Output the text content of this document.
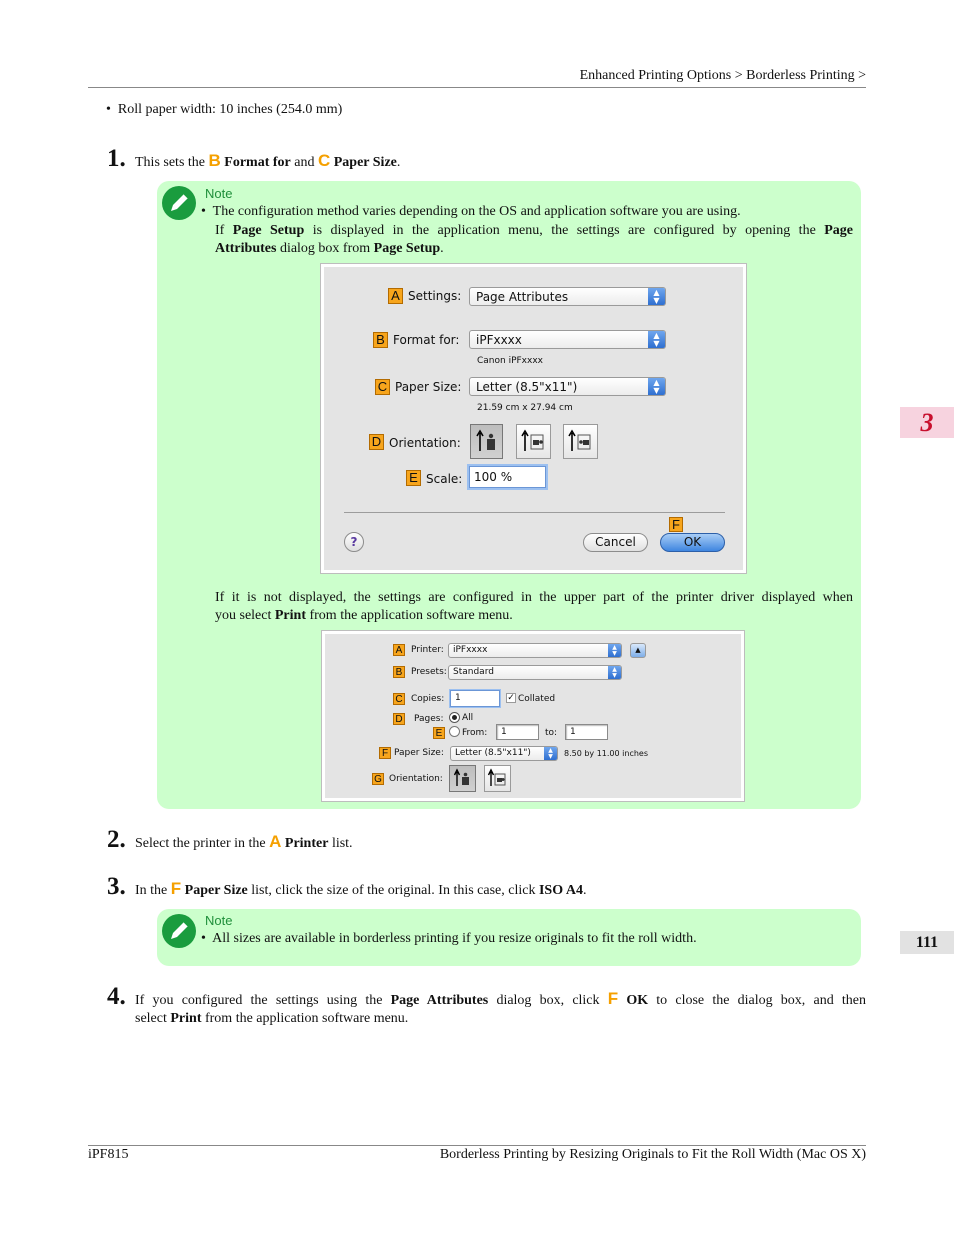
Enhanced Printing Options > Borderless Printing >
•  Roll paper width: 10 inches (254.0 mm)
1. This sets the B Format for and C Paper Size.
Note
•  The configuration method varies depending on the OS and application software you are using.
If Page Setup is displayed in the application menu, the settings are configured by opening the Page
Attributes dialog box from Page Setup.
A Settings:	Page Attributes	▲
▼
B Format for:	iPFxxxx	▲
▼
Canon iPFxxxx
C Paper Size:	Letter (8.5"x11")	▲
▼
21.59 cm x 27.94 cm
D Orientation:
E Scale: 100 %
?	Cancel
F
OK
If it is not displayed, the settings are configured in the upper part of the printer driver displayed when
you select Print from the application software menu.
A Printer:	iPFxxxx	▲
▼	▲
B Presets: Standard	▲
▼
C Copies:	1	✓ Collated
D Pages: All
E From:	1	to:	1
F Paper Size:	Letter (8.5"x11")	▲
▼	8.50 by 11.00 inches
G Orientation:
2. Select the printer in the A Printer list.
3. In the F Paper Size list, click the size of the original. In this case, click ISO A4.
Note
•  All sizes are available in borderless printing if you resize originals to fit the roll width.
4. If you configured the settings using the Page Attributes dialog box, click F OK to close the dialog box, and then
select Print from the application software menu.
3
111
iPF815	Borderless Printing by Resizing Originals to Fit the Roll Width (Mac OS X)
